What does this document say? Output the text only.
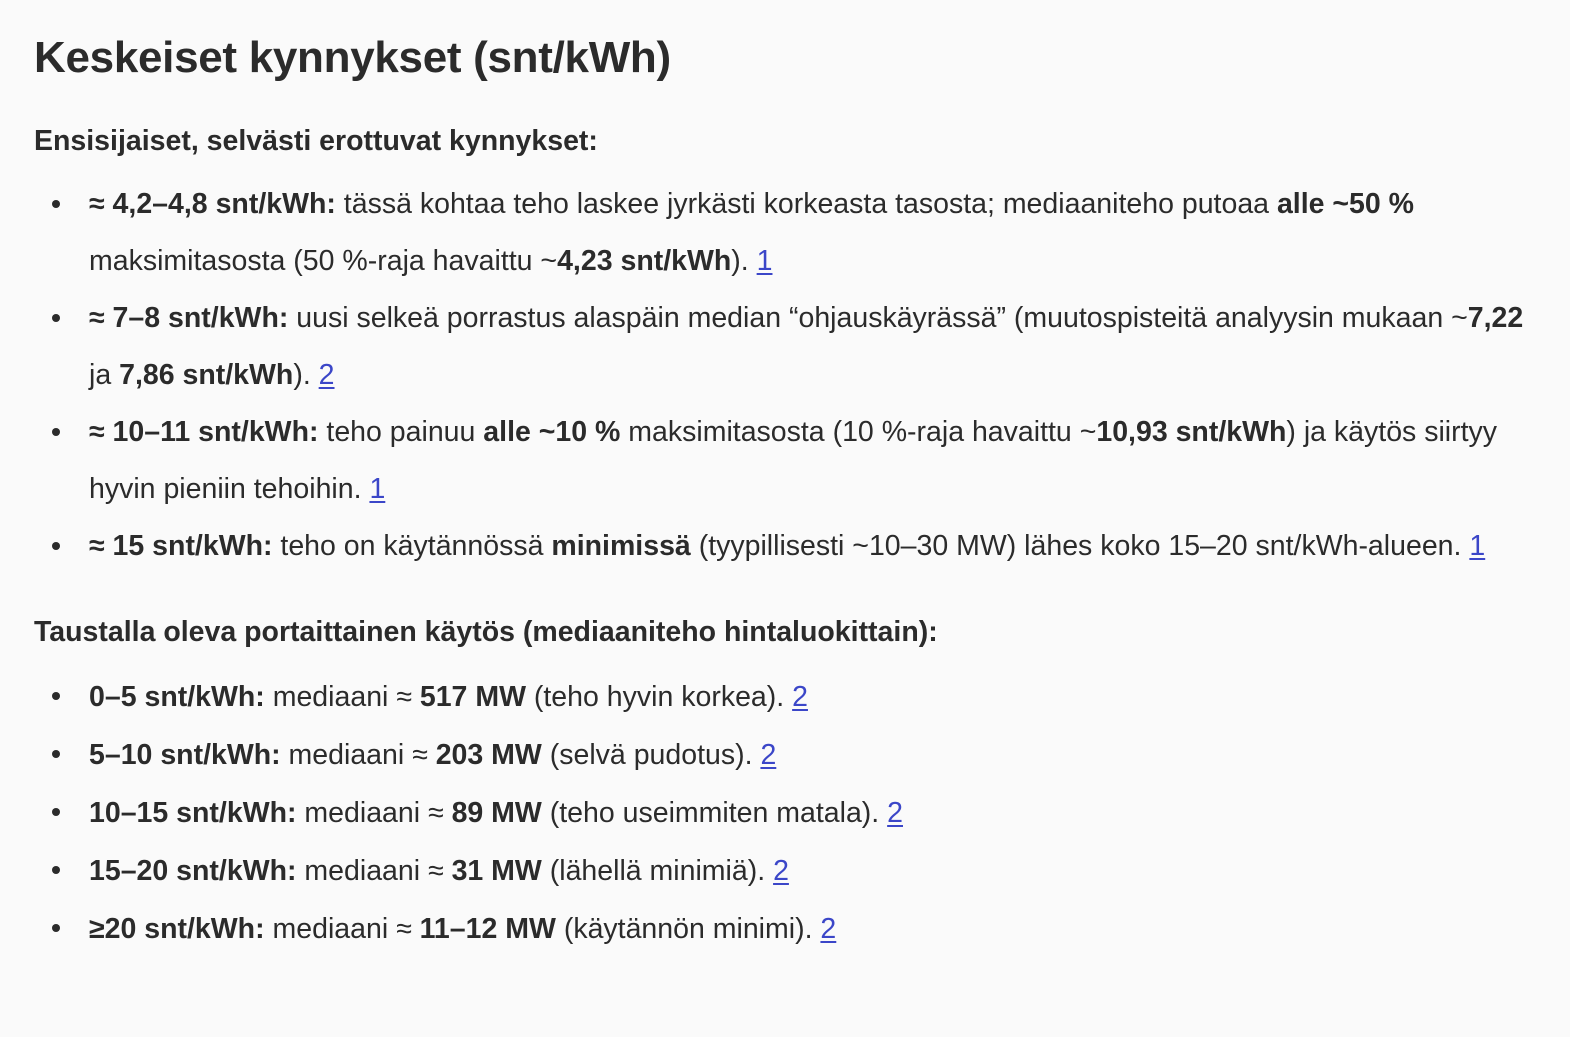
Keskeiset kynnykset (snt/kWh)
Ensisijaiset, selvästi erottuvat kynnykset:
≈ 4,2–4,8 snt/kWh: tässä kohtaa teho laskee jyrkästi korkeasta tasosta; mediaaniteho putoaa alle ~50 % maksimitasosta (50 %-raja havaittu ~4,23 snt/kWh). 1
≈ 7–8 snt/kWh: uusi selkeä porrastus alaspäin median “ohjauskäyrässä” (muutospisteitä analyysin mukaan ~7,22 ja 7,86 snt/kWh). 2
≈ 10–11 snt/kWh: teho painuu alle ~10 % maksimitasosta (10 %-raja havaittu ~10,93 snt/kWh) ja käytös siirtyy hyvin pieniin tehoihin. 1
≈ 15 snt/kWh: teho on käytännössä minimissä (tyypillisesti ~10–30 MW) lähes koko 15–20 snt/kWh-alueen. 1
Taustalla oleva portaittainen käytös (mediaaniteho hintaluokittain):
0–5 snt/kWh: mediaani ≈ 517 MW (teho hyvin korkea). 2
5–10 snt/kWh: mediaani ≈ 203 MW (selvä pudotus). 2
10–15 snt/kWh: mediaani ≈ 89 MW (teho useimmiten matala). 2
15–20 snt/kWh: mediaani ≈ 31 MW (lähellä minimiä). 2
≥20 snt/kWh: mediaani ≈ 11–12 MW (käytännön minimi). 2
